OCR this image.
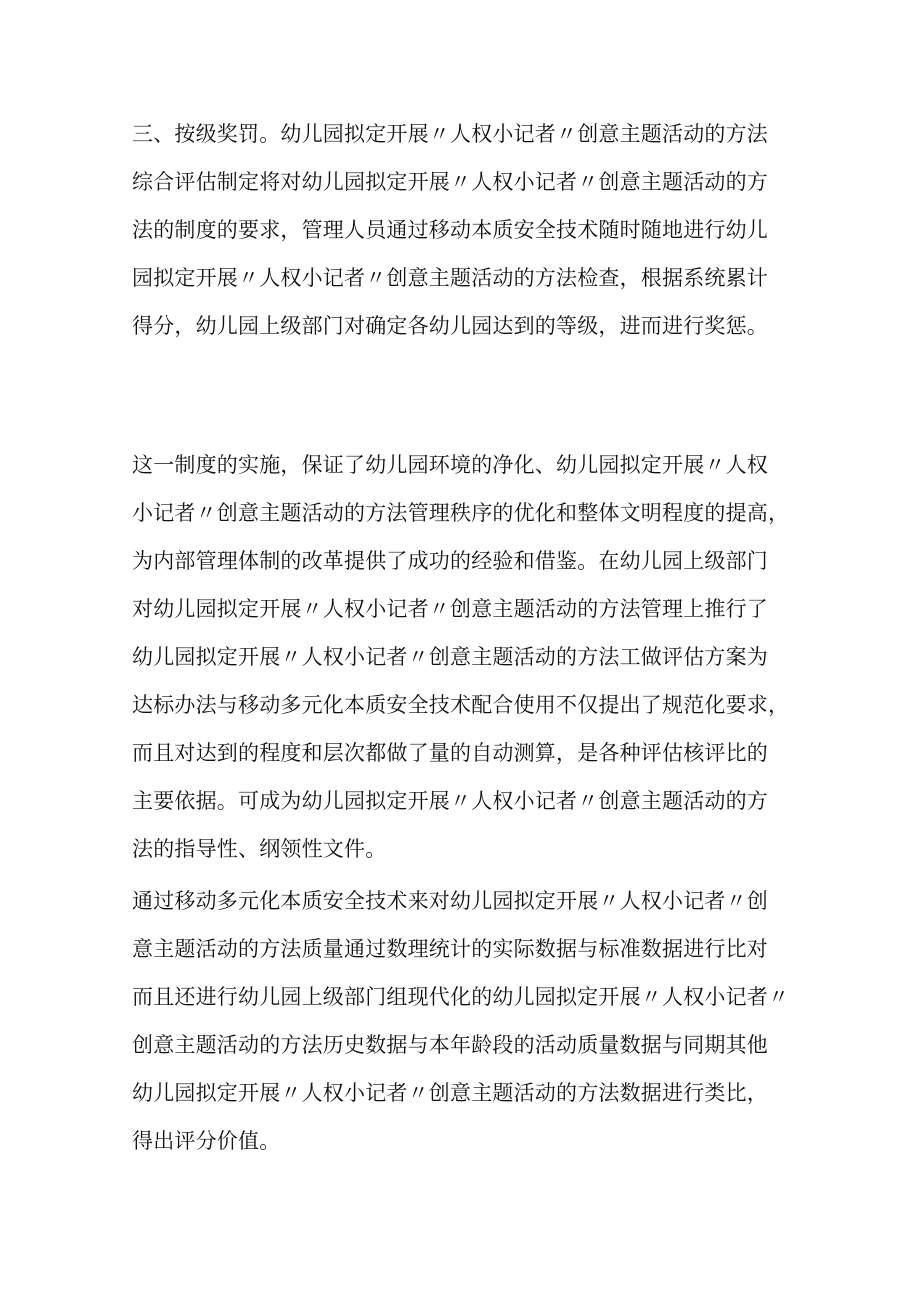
三、按级奖罚。幼儿园拟定开展〃人权小记者〃创意主题活动的方法
综合评估制定将对幼儿园拟定开展〃人权小记者〃创意主题活动的方
法的制度的要求，管理人员通过移动本质安全技术随时随地进行幼儿
园拟定开展〃人权小记者〃创意主题活动的方法检查，根据系统累计
得分，幼儿园上级部门对确定各幼儿园达到的等级，进而进行奖惩。
这一制度的实施，保证了幼儿园环境的净化、幼儿园拟定开展〃人权
小记者〃创意主题活动的方法管理秩序的优化和整体文明程度的提高，
为内部管理体制的改革提供了成功的经验和借鉴。在幼儿园上级部门
对幼儿园拟定开展〃人权小记者〃创意主题活动的方法管理上推行了
幼儿园拟定开展〃人权小记者〃创意主题活动的方法工做评估方案为
达标办法与移动多元化本质安全技术配合使用不仅提出了规范化要求，
而且对达到的程度和层次都做了量的自动测算，是各种评估核评比的
主要依据。可成为幼儿园拟定开展〃人权小记者〃创意主题活动的方
法的指导性、纲领性文件。
通过移动多元化本质安全技术来对幼儿园拟定开展〃人权小记者〃创
意主题活动的方法质量通过数理统计的实际数据与标准数据进行比对
而且还进行幼儿园上级部门组现代化的幼儿园拟定开展〃人权小记者〃
创意主题活动的方法历史数据与本年龄段的活动质量数据与同期其他
幼儿园拟定开展〃人权小记者〃创意主题活动的方法数据进行类比，
得出评分价值。
